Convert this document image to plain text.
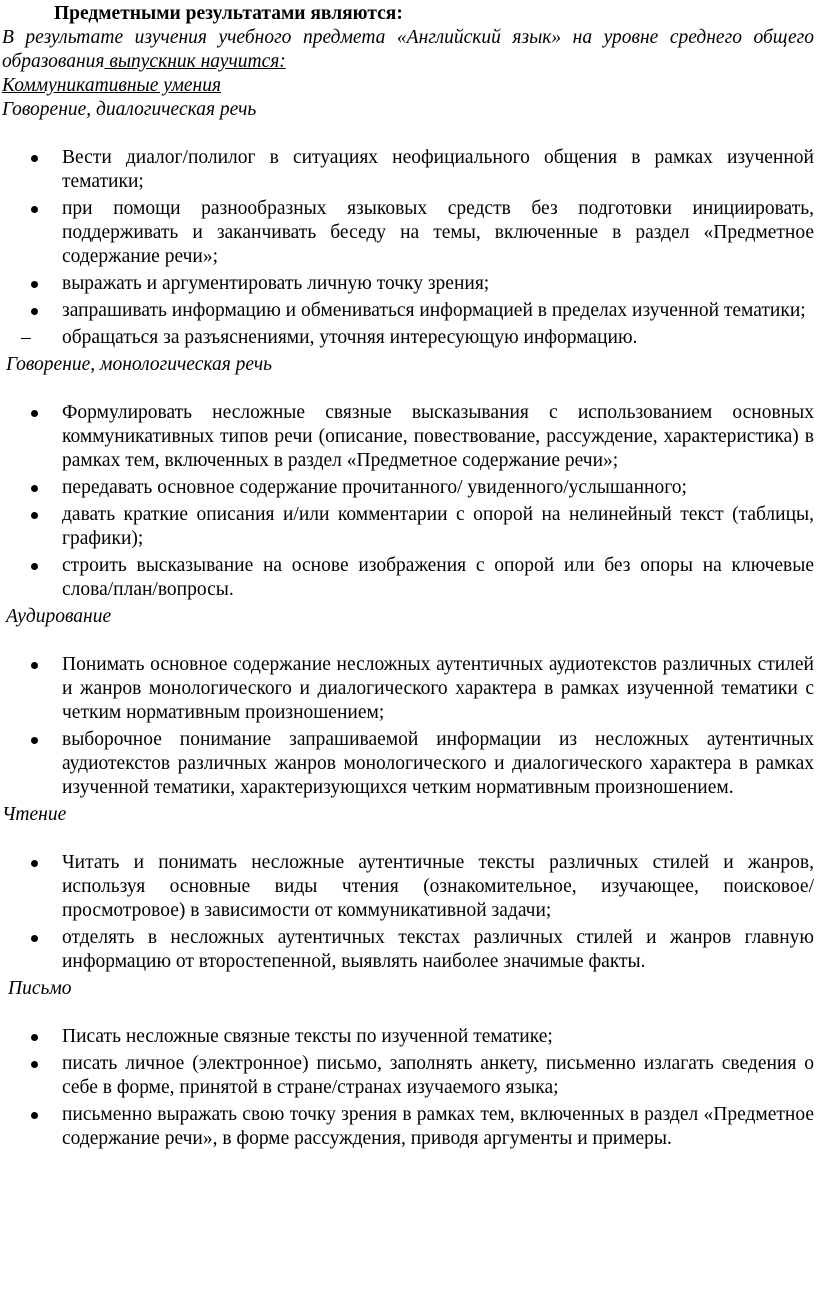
Предметными результатами являются:

В результате изучения учебного предмета «Английский язык» на уровне среднего общего образования выпускник научится:

Коммуникативные умения

Говорение, диалогическая речь

Вести диалог/полилог в ситуациях неофициального общения в рамках изученной тематики;
при помощи разнообразных языковых средств без подготовки инициировать, поддерживать и заканчивать беседу на темы, включенные в раздел «Предметное содержание речи»;
выражать и аргументировать личную точку зрения;
запрашивать информацию и обмениваться информацией в пределах изученной тематики;
– обращаться за разъяснениями, уточняя интересующую информацию.

Говорение, монологическая речь

Формулировать несложные связные высказывания с использованием основных коммуникативных типов речи (описание, повествование, рассуждение, характеристика) в рамках тем, включенных в раздел «Предметное содержание речи»;
передавать основное содержание прочитанного/ увиденного/услышанного;
давать краткие описания и/или комментарии с опорой на нелинейный текст (таблицы, графики);
строить высказывание на основе изображения с опорой или без опоры на ключевые слова/план/вопросы.

Аудирование

Понимать основное содержание несложных аутентичных аудиотекстов различных стилей и жанров монологического и диалогического характера в рамках изученной тематики с четким нормативным произношением;
выборочное понимание запрашиваемой информации из несложных аутентичных аудиотекстов различных жанров монологического и диалогического характера в рамках изученной тематики, характеризующихся четким нормативным произношением.

Чтение

Читать и понимать несложные аутентичные тексты различных стилей и жанров, используя основные виды чтения (ознакомительное, изучающее, поисковое/просмотровое) в зависимости от коммуникативной задачи;
отделять в несложных аутентичных текстах различных стилей и жанров главную информацию от второстепенной, выявлять наиболее значимые факты.

Письмо

Писать несложные связные тексты по изученной тематике;
писать личное (электронное) письмо, заполнять анкету, письменно излагать сведения о себе в форме, принятой в стране/странах изучаемого языка;
письменно выражать свою точку зрения в рамках тем, включенных в раздел «Предметное содержание речи», в форме рассуждения, приводя аргументы и примеры.
